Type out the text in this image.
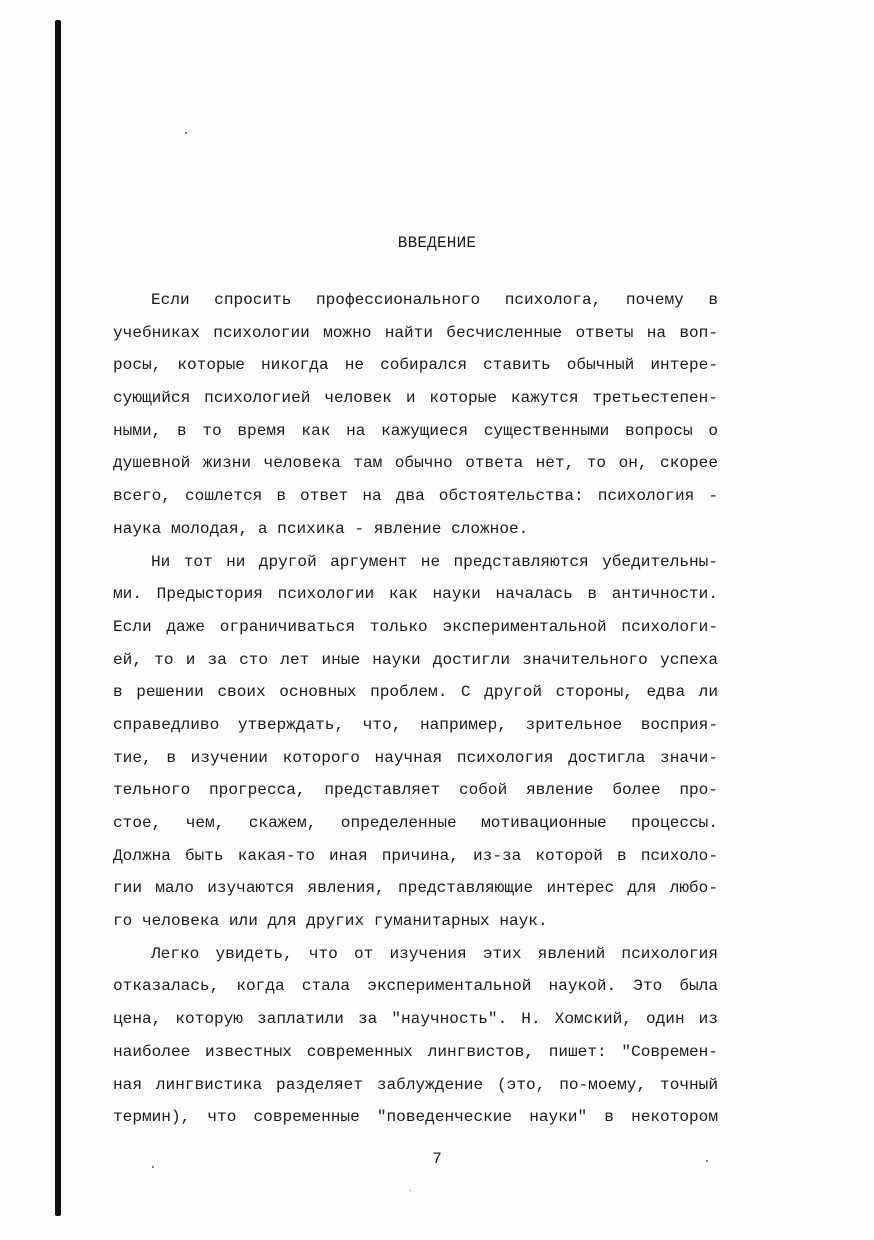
ВВЕДЕНИЕ
Если спросить профессионального психолога, почему в
учебниках психологии можно найти бесчисленные ответы на воп-
росы, которые никогда не собирался ставить обычный интере-
сующийся психологией человек и которые кажутся третьестепен-
ными, в то время как на кажущиеся существенными вопросы о
душевной жизни человека там обычно ответа нет, то он, скорее
всего, сошлется в ответ на два обстоятельства: психология -
наука молодая, а психика - явление сложное.
Ни тот ни другой аргумент не представляются убедительны-
ми. Предыстория психологии как науки началась в античности.
Если даже ограничиваться только экспериментальной психологи-
ей, то и за сто лет иные науки достигли значительного успеха
в решении своих основных проблем. С другой стороны, едва ли
справедливо утверждать, что, например, зрительное восприя-
тие, в изучении которого научная психология достигла значи-
тельного прогресса, представляет собой явление более про-
стое, чем, скажем, определенные мотивационные процессы.
Должна быть какая-то иная причина, из-за которой в психоло-
гии мало изучаются явления, представляющие интерес для любо-
го человека или для других гуманитарных наук.
Легко увидеть, что от изучения этих явлений психология
отказалась, когда стала экспериментальной наукой. Это была
цена, которую заплатили за "научность". Н. Хомский, один из
наиболее известных современных лингвистов, пишет: "Современ-
ная лингвистика разделяет заблуждение (это, по-моему, точный
термин), что современные "поведенческие науки" в некотором
7
